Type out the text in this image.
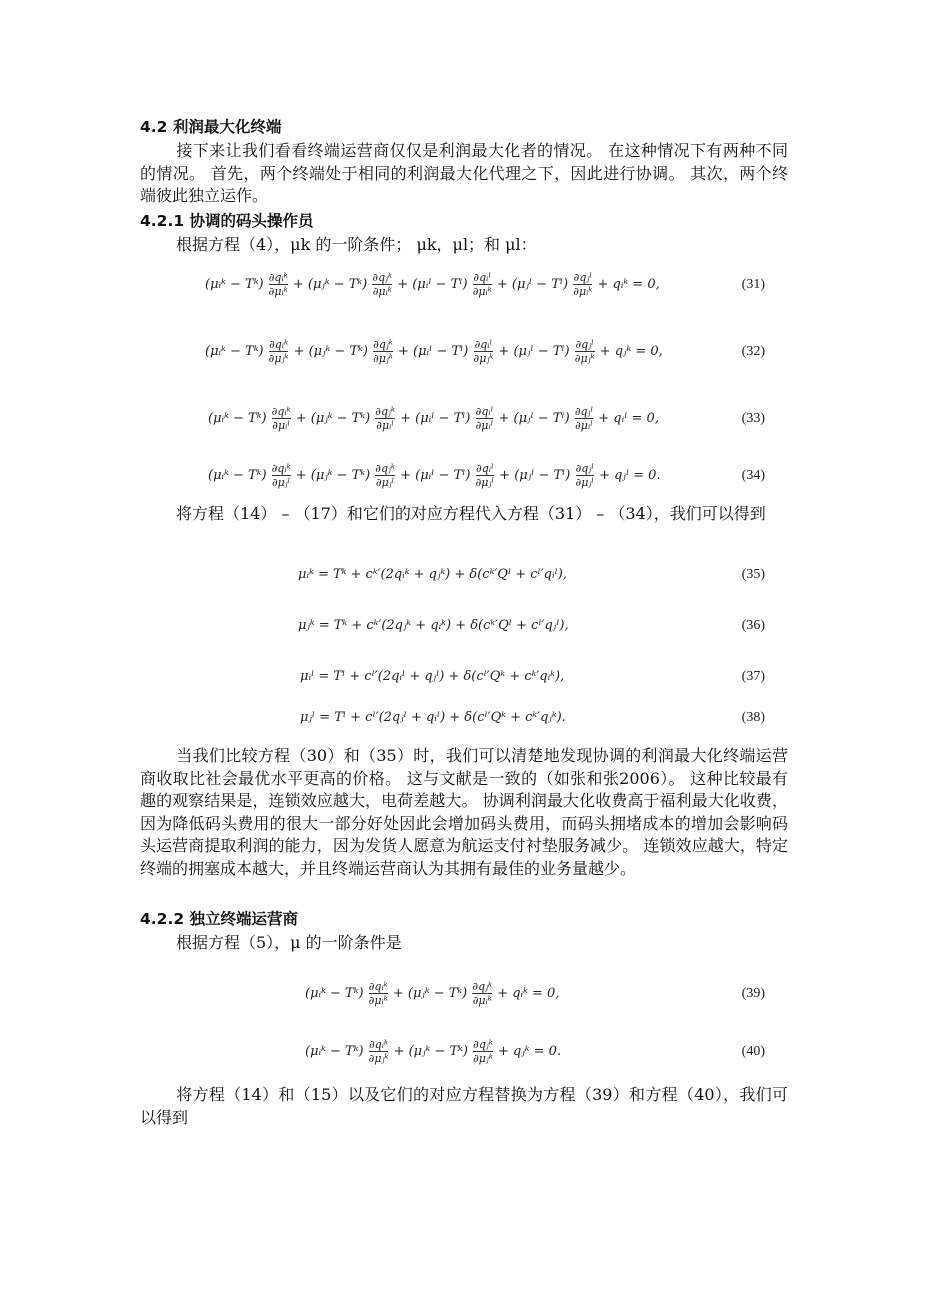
4.2 利润最大化终端
接下来让我们看看终端运营商仅仅是利润最大化者的情况。 在这种情况下有两种不同的情况。 首先，两个终端处于相同的利润最大化代理之下，因此进行协调。 其次，两个终端彼此独立运作。
4.2.1 协调的码头操作员
根据方程（4），μk 的一阶条件； μk，μl；和 μl：
(μᵢᵏ − Tᵏ) $\frac{\text{∂qᵢᵏ}}{\text{∂μᵢᵏ}}$ + (μⱼᵏ − Tᵏ) $\frac{\text{∂qⱼᵏ}}{\text{∂μᵢᵏ}}$ + (μᵢˡ − Tˡ) $\frac{\text{∂qᵢˡ}}{\text{∂μᵢᵏ}}$ + (μⱼˡ − Tˡ) $\frac{\text{∂qⱼˡ}}{\text{∂μᵢᵏ}}$ + qᵢᵏ = 0,	(31)
(μᵢᵏ − Tᵏ) $\frac{\text{∂qᵢᵏ}}{\text{∂μⱼᵏ}}$ + (μⱼᵏ − Tᵏ) $\frac{\text{∂qⱼᵏ}}{\text{∂μⱼᵏ}}$ + (μᵢˡ − Tˡ) $\frac{\text{∂qᵢˡ}}{\text{∂μⱼᵏ}}$ + (μⱼˡ − Tˡ) $\frac{\text{∂qⱼˡ}}{\text{∂μⱼᵏ}}$ + qⱼᵏ = 0,	(32)
(μᵢᵏ − Tᵏ) $\frac{\text{∂qᵢᵏ}}{\text{∂μᵢˡ}}$ + (μⱼᵏ − Tᵏ) $\frac{\text{∂qⱼᵏ}}{\text{∂μᵢˡ}}$ + (μᵢˡ − Tˡ) $\frac{\text{∂qᵢˡ}}{\text{∂μᵢˡ}}$ + (μⱼˡ − Tˡ) $\frac{\text{∂qⱼˡ}}{\text{∂μᵢˡ}}$ + qᵢˡ = 0,	(33)
(μᵢᵏ − Tᵏ) $\frac{\text{∂qᵢᵏ}}{\text{∂μⱼˡ}}$ + (μⱼᵏ − Tᵏ) $\frac{\text{∂qⱼᵏ}}{\text{∂μⱼˡ}}$ + (μᵢˡ − Tˡ) $\frac{\text{∂qᵢˡ}}{\text{∂μⱼˡ}}$ + (μⱼˡ − Tˡ) $\frac{\text{∂qⱼˡ}}{\text{∂μⱼˡ}}$ + qⱼˡ = 0.	(34)
将方程（14） – （17）和它们的对应方程代入方程（31） – （34），我们可以得到
μᵢᵏ = Tᵏ + cᵏ′(2qᵢᵏ + qⱼᵏ) + δ(cᵏ′Qˡ + cˡ′qᵢˡ),	(35)
μⱼᵏ = Tᵏ + cᵏ′(2qⱼᵏ + qᵢᵏ) + δ(cᵏ′Qˡ + cˡ′qⱼˡ),	(36)
μᵢˡ = Tˡ + cˡ′(2qᵢˡ + qⱼˡ) + δ(cˡ′Qᵏ + cᵏ′qᵢᵏ),	(37)
μⱼˡ = Tˡ + cˡ′(2qⱼˡ + qᵢˡ) + δ(cˡ′Qᵏ + cᵏ′qⱼᵏ).	(38)
当我们比较方程（30）和（35）时，我们可以清楚地发现协调的利润最大化终端运营商收取比社会最优水平更高的价格。 这与文献是一致的（如张和张2006）。 这种比较最有趣的观察结果是，连锁效应越大，电荷差越大。 协调利润最大化收费高于福利最大化收费，因为降低码头费用的很大一部分好处因此会增加码头费用，而码头拥堵成本的增加会影响码头运营商提取利润的能力，因为发货人愿意为航运支付衬垫服务减少。 连锁效应越大，特定终端的拥塞成本越大，并且终端运营商认为其拥有最佳的业务量越少。
4.2.2 独立终端运营商
根据方程（5），μ 的一阶条件是
(μᵢᵏ − Tᵏ) $\frac{\text{∂qᵢᵏ}}{\text{∂μᵢᵏ}}$ + (μⱼᵏ − Tᵏ) $\frac{\text{∂qⱼᵏ}}{\text{∂μᵢᵏ}}$ + qᵢᵏ = 0,	(39)
(μᵢᵏ − Tᵏ) $\frac{\text{∂qᵢᵏ}}{\text{∂μⱼᵏ}}$ + (μⱼᵏ − Tᵏ) $\frac{\text{∂qⱼᵏ}}{\text{∂μⱼᵏ}}$ + qⱼᵏ = 0.	(40)
将方程（14）和（15）以及它们的对应方程替换为方程（39）和方程（40），我们可以得到
